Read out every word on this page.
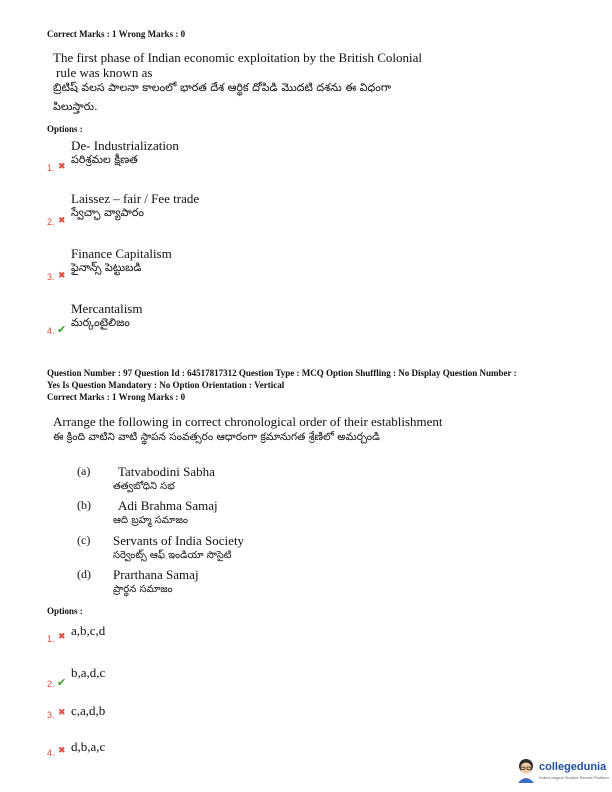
Correct Marks : 1 Wrong Marks : 0
The first phase of Indian economic exploitation by the British Colonial
rule was known as
బ్రిటిష్ వలస పాలనా కాలంలో భారత దేశ ఆర్థిక దోపిడి మొదటి దశను ఈ విధంగా
పిలుస్తారు.
Options :
De- Industrialization
పరిశ్రమల క్షీణత
1. ✖
Laissez – fair / Fee trade
స్వేచ్ఛా వ్యాపారం
2. ✖
Finance Capitalism
ఫైనాన్స్ పెట్టుబడి
3. ✖
Mercantalism
మర్కంటైలిజం
4. ✔
Question Number : 97 Question Id : 64517817312 Question Type : MCQ Option Shuffling : No Display Question Number :
Yes Is Question Mandatory : No Option Orientation : Vertical
Correct Marks : 1 Wrong Marks : 0
Arrange the following in correct chronological order of their establishment
ఈ క్రింది వాటిని వాటి స్థాపన సంవత్సరం ఆధారంగా క్రమానుగత శ్రేణిలో అమర్చండి
(a) Tatvabodini Sabha
తత్వబోధిని సభ
(b) Adi Brahma Samaj
ఆది బ్రహ్మ సమాజం
(c) Servants of India Society
సర్వెంట్స్ ఆఫ్ ఇండియా సొసైటి
(d) Prarthana Samaj
ప్రార్థన సమాజం
Options :
1. ✖ a,b,c,d
2. ✔
b,a,d,c
3. ✖ c,a,d,b
4. ✖ d,b,a,c
collegedunia
India's largest Student Review Platform
